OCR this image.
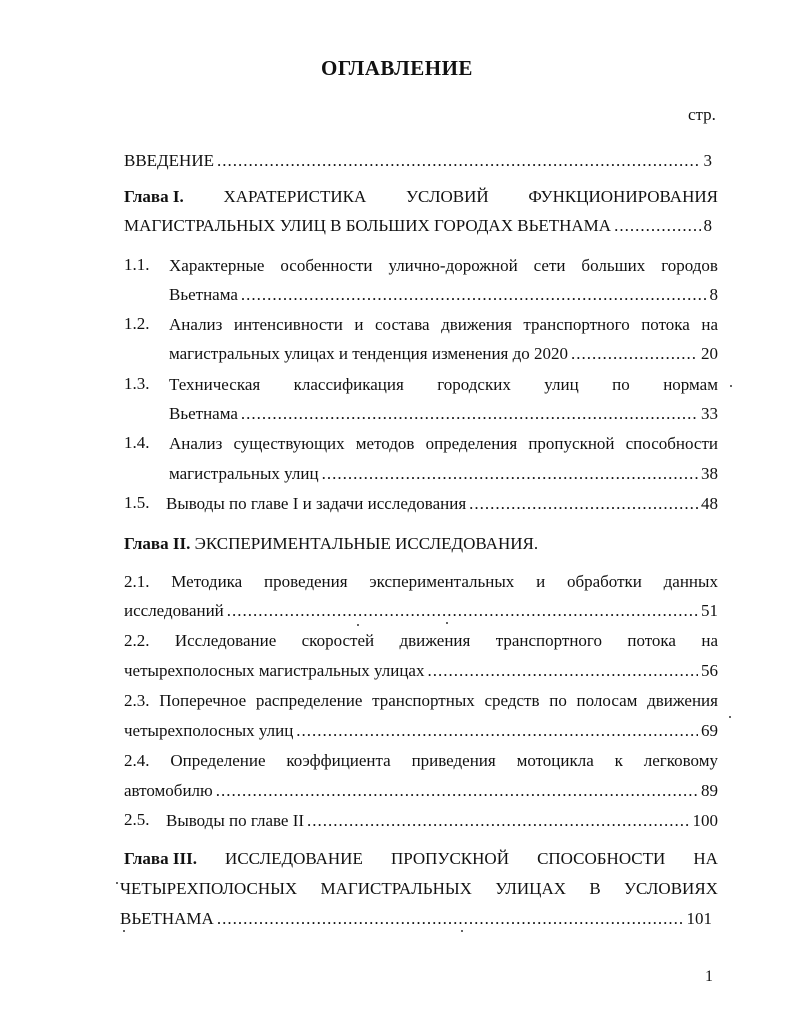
ОГЛАВЛЕНИЕ
стр.
ВВЕДЕНИЕ .....	3
Глава I. ХАРАТЕРИСТИКА УСЛОВИЙ ФУНКЦИОНИРОВАНИЯ
МАГИСТРАЛЬНЫХ УЛИЦ В БОЛЬШИХ ГОРОДАХ ВЬЕТНАМА .....	8
1.1. Характерные особенности улично-дорожной сети больших городов
Вьетнама .....	8
1.2. Анализ интенсивности и состава движения транспортного потока на
магистральных улицах и тенденция изменения до 2020 .....	20
1.3. Техническая классификация городских улиц по нормам
Вьетнама .....	33
1.4. Анализ существующих методов определения пропускной способности
магистральных улиц .....	38
1.5. Выводы по главе I и задачи исследования .....	48
Глава II.
ЭКСПЕРИМЕНТАЛЬНЫЕ ИССЛЕДОВАНИЯ.
2.1. Методика проведения экспериментальных и обработки данных
исследований .....	51
2.2. Исследование скоростей движения транспортного потока на
четырехполосных магистральных улицах .....	56
2.3. Поперечное распределение транспортных средств по полосам движения
четырехполосных улиц .....	69
2.4. Определение коэффициента приведения мотоцикла к легковому
автомобилю .....	89
2.5. Выводы по главе II .....	100
Глава III. ИССЛЕДОВАНИЕ ПРОПУСКНОЙ СПОСОБНОСТИ НА
ЧЕТЫРЕХПОЛОСНЫХ МАГИСТРАЛЬНЫХ УЛИЦАХ В УСЛОВИЯХ
ВЬЕТНАМА .....	101
1
